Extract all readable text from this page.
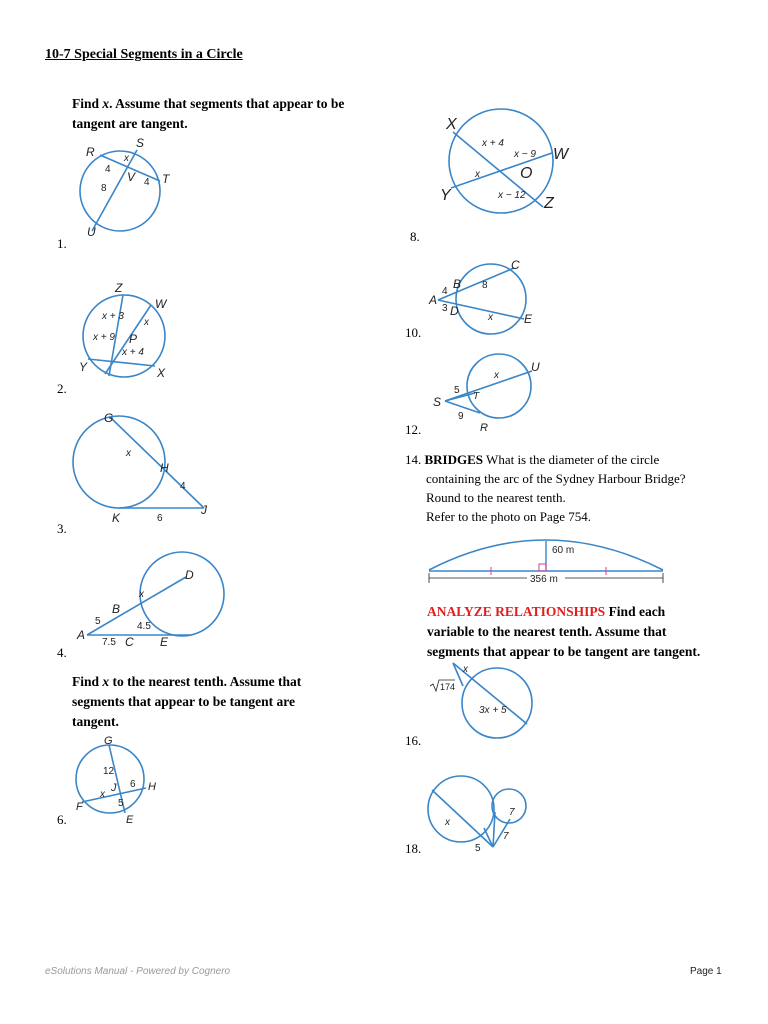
10-7 Special Segments in a Circle
Find x. Assume that segments that appear to be tangent are tangent.
1.
2.
3.
4.
6.
8.
10.
12.
16.
18.
R
S
T
U
V
x
4
4
8
Z
W
Y	X
P
x + 3
x + 9
x
x + 4
G
H
K
J
x
4
6
A
B
C
D
E
x
5
7.5
4.5
Find x to the nearest tenth. Assume that segments that appear to be tangent are tangent.
G
H
F
E
J
x
12
6
5
X
W
Y	Z
O
x + 4
x − 9
x
x − 12
A
B
C
D
E
x
4
8
3
S	T
U
R
x
5
9
14. BRIDGES What is the diameter of the circle
containing the arc of the Sydney Harbour Bridge?
Round to the nearest tenth.
Refer to the photo on Page 754.
60 m
356 m
ANALYZE RELATIONSHIPS Find each
variable to the nearest tenth. Assume that
segments that appear to be tangent are tangent.
x
174
3x + 5
x
7
7
5
eSolutions Manual - Powered by Cognero	Page 1
